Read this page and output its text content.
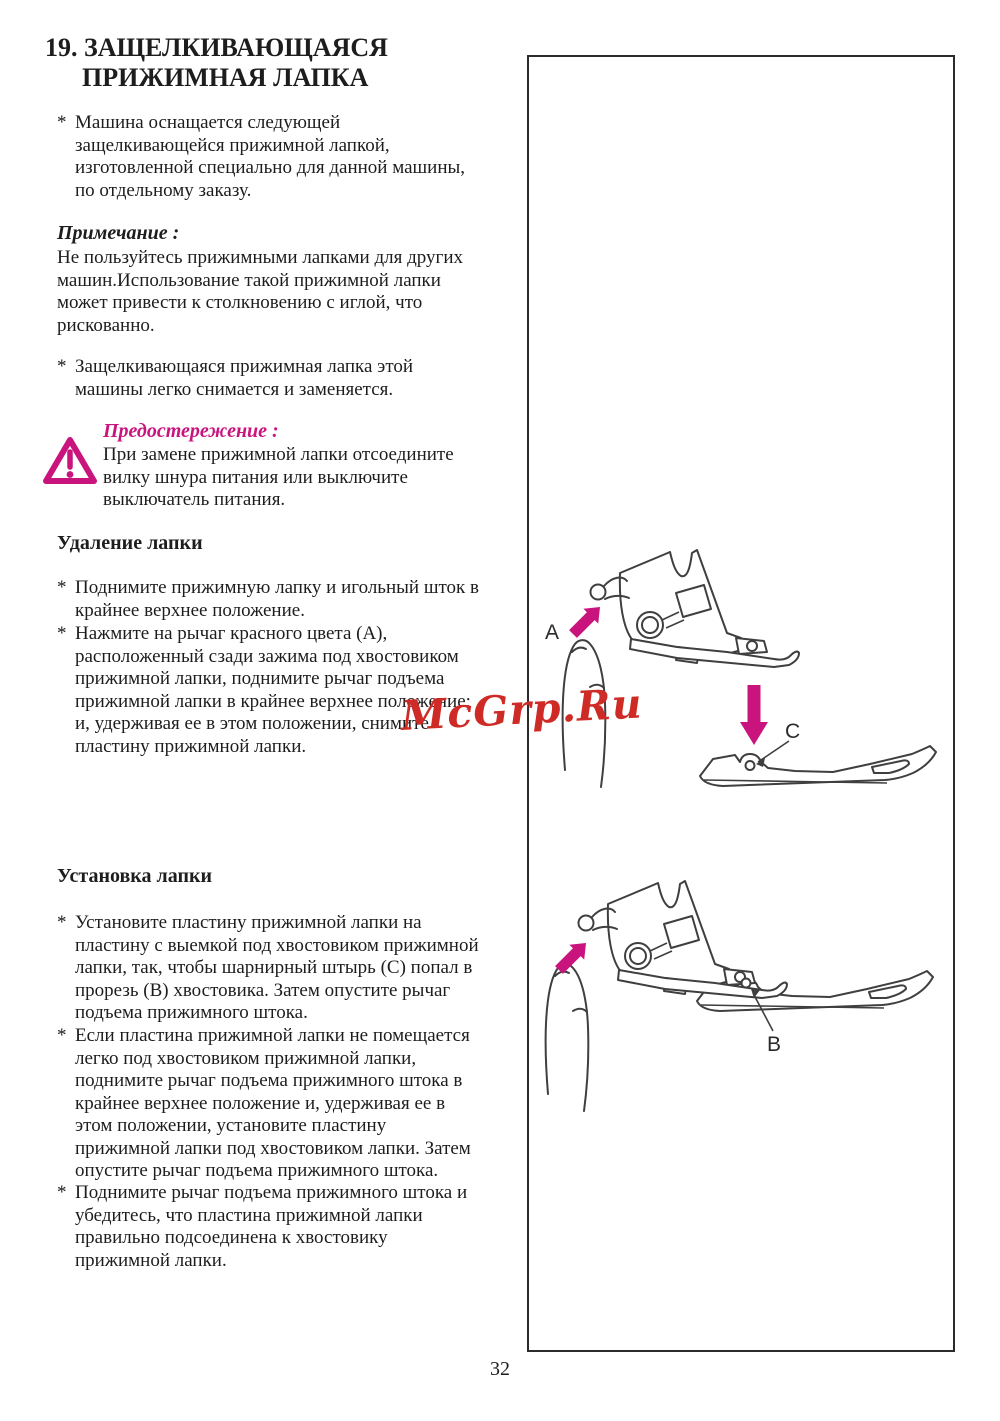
19. ЗАЩЕЛКИВАЮЩАЯСЯ
ПРИЖИМНАЯ ЛАПКА
* Машина оснащается следующей
защелкивающейся прижимной лапкой,
изготовленной специально для данной машины,
по отдельному заказу.
Примечание :
Не пользуйтесь прижимными лапками для других
машин.Использование такой прижимной лапки
может привести к столкновению с иглой, что
рискованно.
* Защелкивающаяся прижимная лапка этой
машины легко снимается и заменяется.
Предостережение :
При замене прижимной лапки отсоедините
вилку шнура питания или выключите
выключатель питания.
Удаление лапки
* Поднимите прижимную лапку и игольный шток в
крайнее верхнее положение.
* Нажмите на рычаг красного цвета (А),
расположенный сзади зажима под хвостовиком
прижимной лапки, поднимите рычаг подъема
прижимной лапки в крайнее верхнее положение;
и, удерживая ее в этом положении, снимите
пластину прижимной лапки.
Установка лапки
* Установите пластину прижимной лапки на
пластину с выемкой под хвостовиком прижимной
лапки, так, чтобы шарнирный штырь (С) попал в
прорезь (В) хвостовика. Затем опустите рычаг
подъема прижимного штока.
* Если пластина прижимной лапки не помещается
легко под хвостовиком прижимной лапки,
поднимите рычаг подъема прижимного штока в
крайнее верхнее положение и, удерживая ее в
этом положении, установите пластину
прижимной лапки под хвостовиком лапки. Затем
опустите рычаг подъема прижимного штока.
* Поднимите рычаг подъема прижимного штока и
убедитесь, что пластина прижимной лапки
правильно подсоединена к хвостовику
прижимной лапки.
A
C
B
McGrp.Ru
32
